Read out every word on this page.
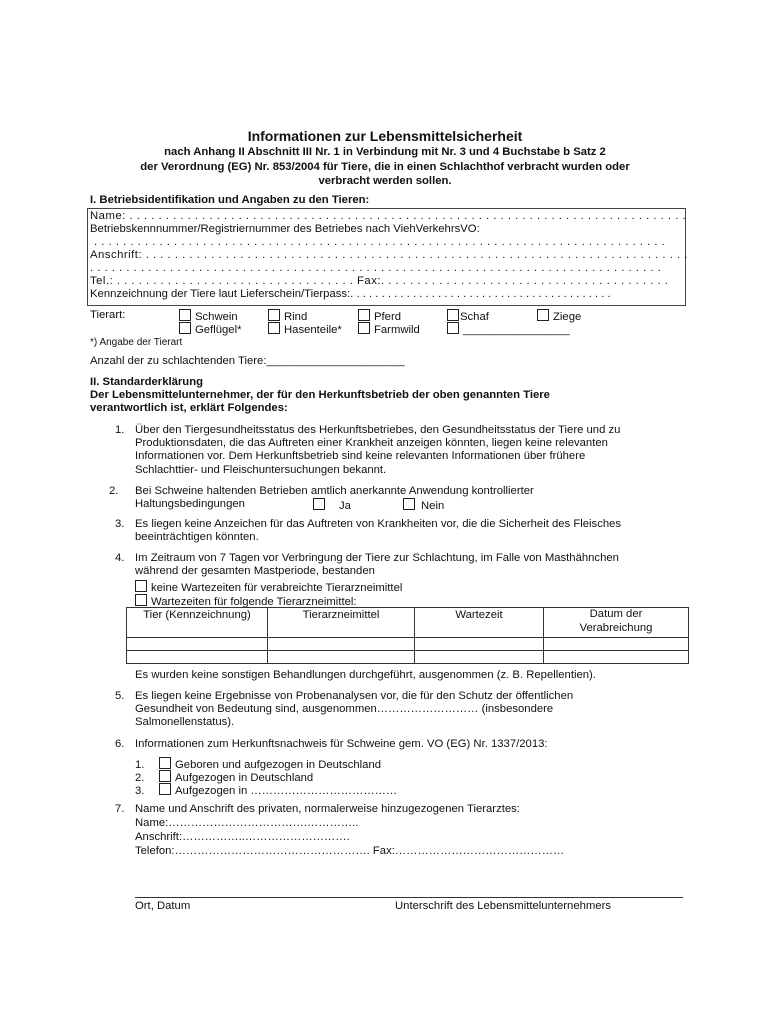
Informationen zur Lebensmittelsicherheit
nach Anhang II Abschnitt III Nr. 1 in Verbindung mit Nr. 3 und 4 Buchstabe b Satz 2
der Verordnung (EG) Nr. 853/2004 für Tiere, die in einen Schlachthof verbracht wurden oder
verbracht werden sollen.
I. Betriebsidentifikation und Angaben zu den Tieren:
Name: . . . . . . . . . . . . . . . . . . . . . . . . . . . . . . . . . . . . . . . . . . . . . . . . . . . . . . . . . . . . . . . . . . . . . . . . . . . . .
Betriebskennnummer/Registriernummer des Betriebes nach ViehVerkehrsVO:
. . . . . . . . . . . . . . . . . . . . . . . . . . . . . . . . . . . . . . . . . . . . . . . . . . . . . . . . . . . . . . . . . . . . . . . . . . . . . . .
Anschrift: . . . . . . . . . . . . . . . . . . . . . . . . . . . . . . . . . . . . . . . . . . . . . . . . . . . . . . . . . . . . . . . . . . . . . . . . . . .
. . . . . . . . . . . . . . . . . . . . . . . . . . . . . . . . . . . . . . . . . . . . . . . . . . . . . . . . . . . . . . . . . . . . . . . . . . . . . . .
Tel.: . . . . . . . . . . . . . . . . . . . . . . . . . . . . . . . . . Fax:. . . . . . . . . . . . . . . . . . . . . . . . . . . . . . . . . . . . . . . .
Kennzeichnung der Tiere laut Lieferschein/Tierpass:. . . . . . . . . . . . . . . . . . . . . . . . . . . . . . . . . . . . . . . . . .
Tierart:	Schwein	Rind	Pferd	Schaf	Ziege
Geflügel*	Hasenteile*	Farmwild	_________________
*) Angabe der Tierart
Anzahl der zu schlachtenden Tiere:______________________
II. Standarderklärung
Der Lebensmittelunternehmer, der für den Herkunftsbetrieb der oben genannten Tiere
verantwortlich ist, erklärt Folgendes:
1. Über den Tiergesundheitsstatus des Herkunftsbetriebes, den Gesundheitsstatus der Tiere und zu
Produktionsdaten, die das Auftreten einer Krankheit anzeigen könnten, liegen keine relevanten
Informationen vor. Dem Herkunftsbetrieb sind keine relevanten Informationen über frühere
Schlachttier- und Fleischuntersuchungen bekannt.
2. Bei Schweine haltenden Betrieben amtlich anerkannte Anwendung kontrollierter
Haltungsbedingungen	Ja	Nein
3. Es liegen keine Anzeichen für das Auftreten von Krankheiten vor, die die Sicherheit des Fleisches
beeinträchtigen könnten.
4. Im Zeitraum von 7 Tagen vor Verbringung der Tiere zur Schlachtung, im Falle von Masthähnchen
während der gesamten Mastperiode, bestanden
keine Wartezeiten für verabreichte Tierarzneimittel
Wartezeiten für folgende Tierarzneimittel:
Tier (Kennzeichnung)	Tierarzneimittel	Wartezeit	Datum der Verabreichung

Es wurden keine sonstigen Behandlungen durchgeführt, ausgenommen (z. B. Repellentien).
5. Es liegen keine Ergebnisse von Probenanalysen vor, die für den Schutz der öffentlichen
Gesundheit von Bedeutung sind, ausgenommen……………………… (insbesondere
Salmonellenstatus).
6. Informationen zum Herkunftsnachweis für Schweine gem. VO (EG) Nr. 1337/2013:
1.	Geboren und aufgezogen in Deutschland
2.	Aufgezogen in Deutschland
3.	Aufgezogen in …………………………………
7. Name und Anschrift des privaten, normalerweise hinzugezogenen Tierarztes:
Name:……………………………….…………..
Anschrift:……………..……………………….
Telefon:……………………………………………. Fax:………………………………………
Ort, Datum	Unterschrift des Lebensmittelunternehmers
